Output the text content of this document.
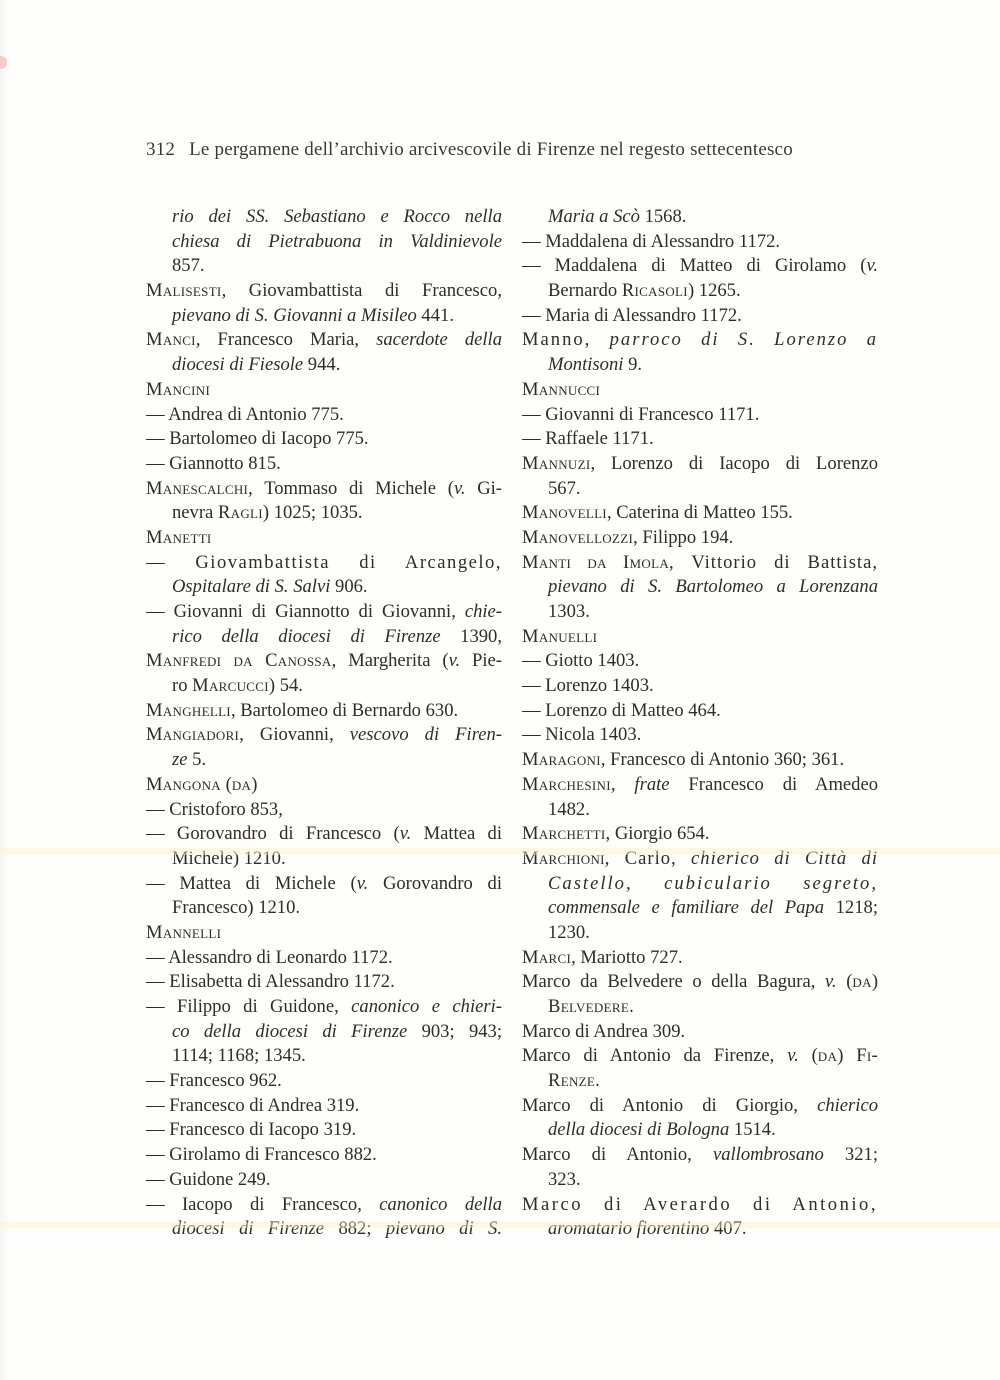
312 Le pergamene dell’archivio arcivescovile di Firenze nel regesto settecentesco
rio dei SS. Sebastiano e Rocco nella
chiesa di Pietrabuona in Valdinievole
857.
Malisesti, Giovambattista di Francesco,
pievano di S. Giovanni a Misileo 441.
Manci, Francesco Maria, sacerdote della
diocesi di Fiesole 944.
Mancini
— Andrea di Antonio 775.
— Bartolomeo di Iacopo 775.
— Giannotto 815.
Manescalchi, Tommaso di Michele (v. Gi-
nevra Ragli) 1025; 1035.
Manetti
— Giovambattista di Arcangelo,
Ospitalare di S. Salvi 906.
— Giovanni di Giannotto di Giovanni, chie-
rico della diocesi di Firenze 1390,
Manfredi da Canossa, Margherita (v. Pie-
ro Marcucci) 54.
Manghelli, Bartolomeo di Bernardo 630.
Mangiadori, Giovanni, vescovo di Firen-
ze 5.
Mangona (da)
— Cristoforo 853,
— Gorovandro di Francesco (v. Mattea di
Michele) 1210.
— Mattea di Michele (v. Gorovandro di
Francesco) 1210.
Mannelli
— Alessandro di Leonardo 1172.
— Elisabetta di Alessandro 1172.
— Filippo di Guidone, canonico e chieri-
co della diocesi di Firenze 903; 943;
1114; 1168; 1345.
— Francesco 962.
— Francesco di Andrea 319.
— Francesco di Iacopo 319.
— Girolamo di Francesco 882.
— Guidone 249.
— Iacopo di Francesco, canonico della
diocesi di Firenze 882; pievano di S.
Maria a Scò 1568.
— Maddalena di Alessandro 1172.
— Maddalena di Matteo di Girolamo (v.
Bernardo Ricasoli) 1265.
— Maria di Alessandro 1172.
Manno, parroco di S. Lorenzo a
Montisoni 9.
Mannucci
— Giovanni di Francesco 1171.
— Raffaele 1171.
Mannuzi, Lorenzo di Iacopo di Lorenzo
567.
Manovelli, Caterina di Matteo 155.
Manovellozzi, Filippo 194.
Manti da Imola, Vittorio di Battista,
pievano di S. Bartolomeo a Lorenzana
1303.
Manuelli
— Giotto 1403.
— Lorenzo 1403.
— Lorenzo di Matteo 464.
— Nicola 1403.
Maragoni, Francesco di Antonio 360; 361.
Marchesini, frate Francesco di Amedeo
1482.
Marchetti, Giorgio 654.
Marchioni, Carlo, chierico di Città di
Castello, cubiculario segreto,
commensale e familiare del Papa 1218;
1230.
Marci, Mariotto 727.
Marco da Belvedere o della Bagura, v. (da)
Belvedere.
Marco di Andrea 309.
Marco di Antonio da Firenze, v. (da) Fi-
Renze.
Marco di Antonio di Giorgio, chierico
della diocesi di Bologna 1514.
Marco di Antonio, vallombrosano 321;
323.
Marco di Averardo di Antonio,
aromatario fiorentino 407.
